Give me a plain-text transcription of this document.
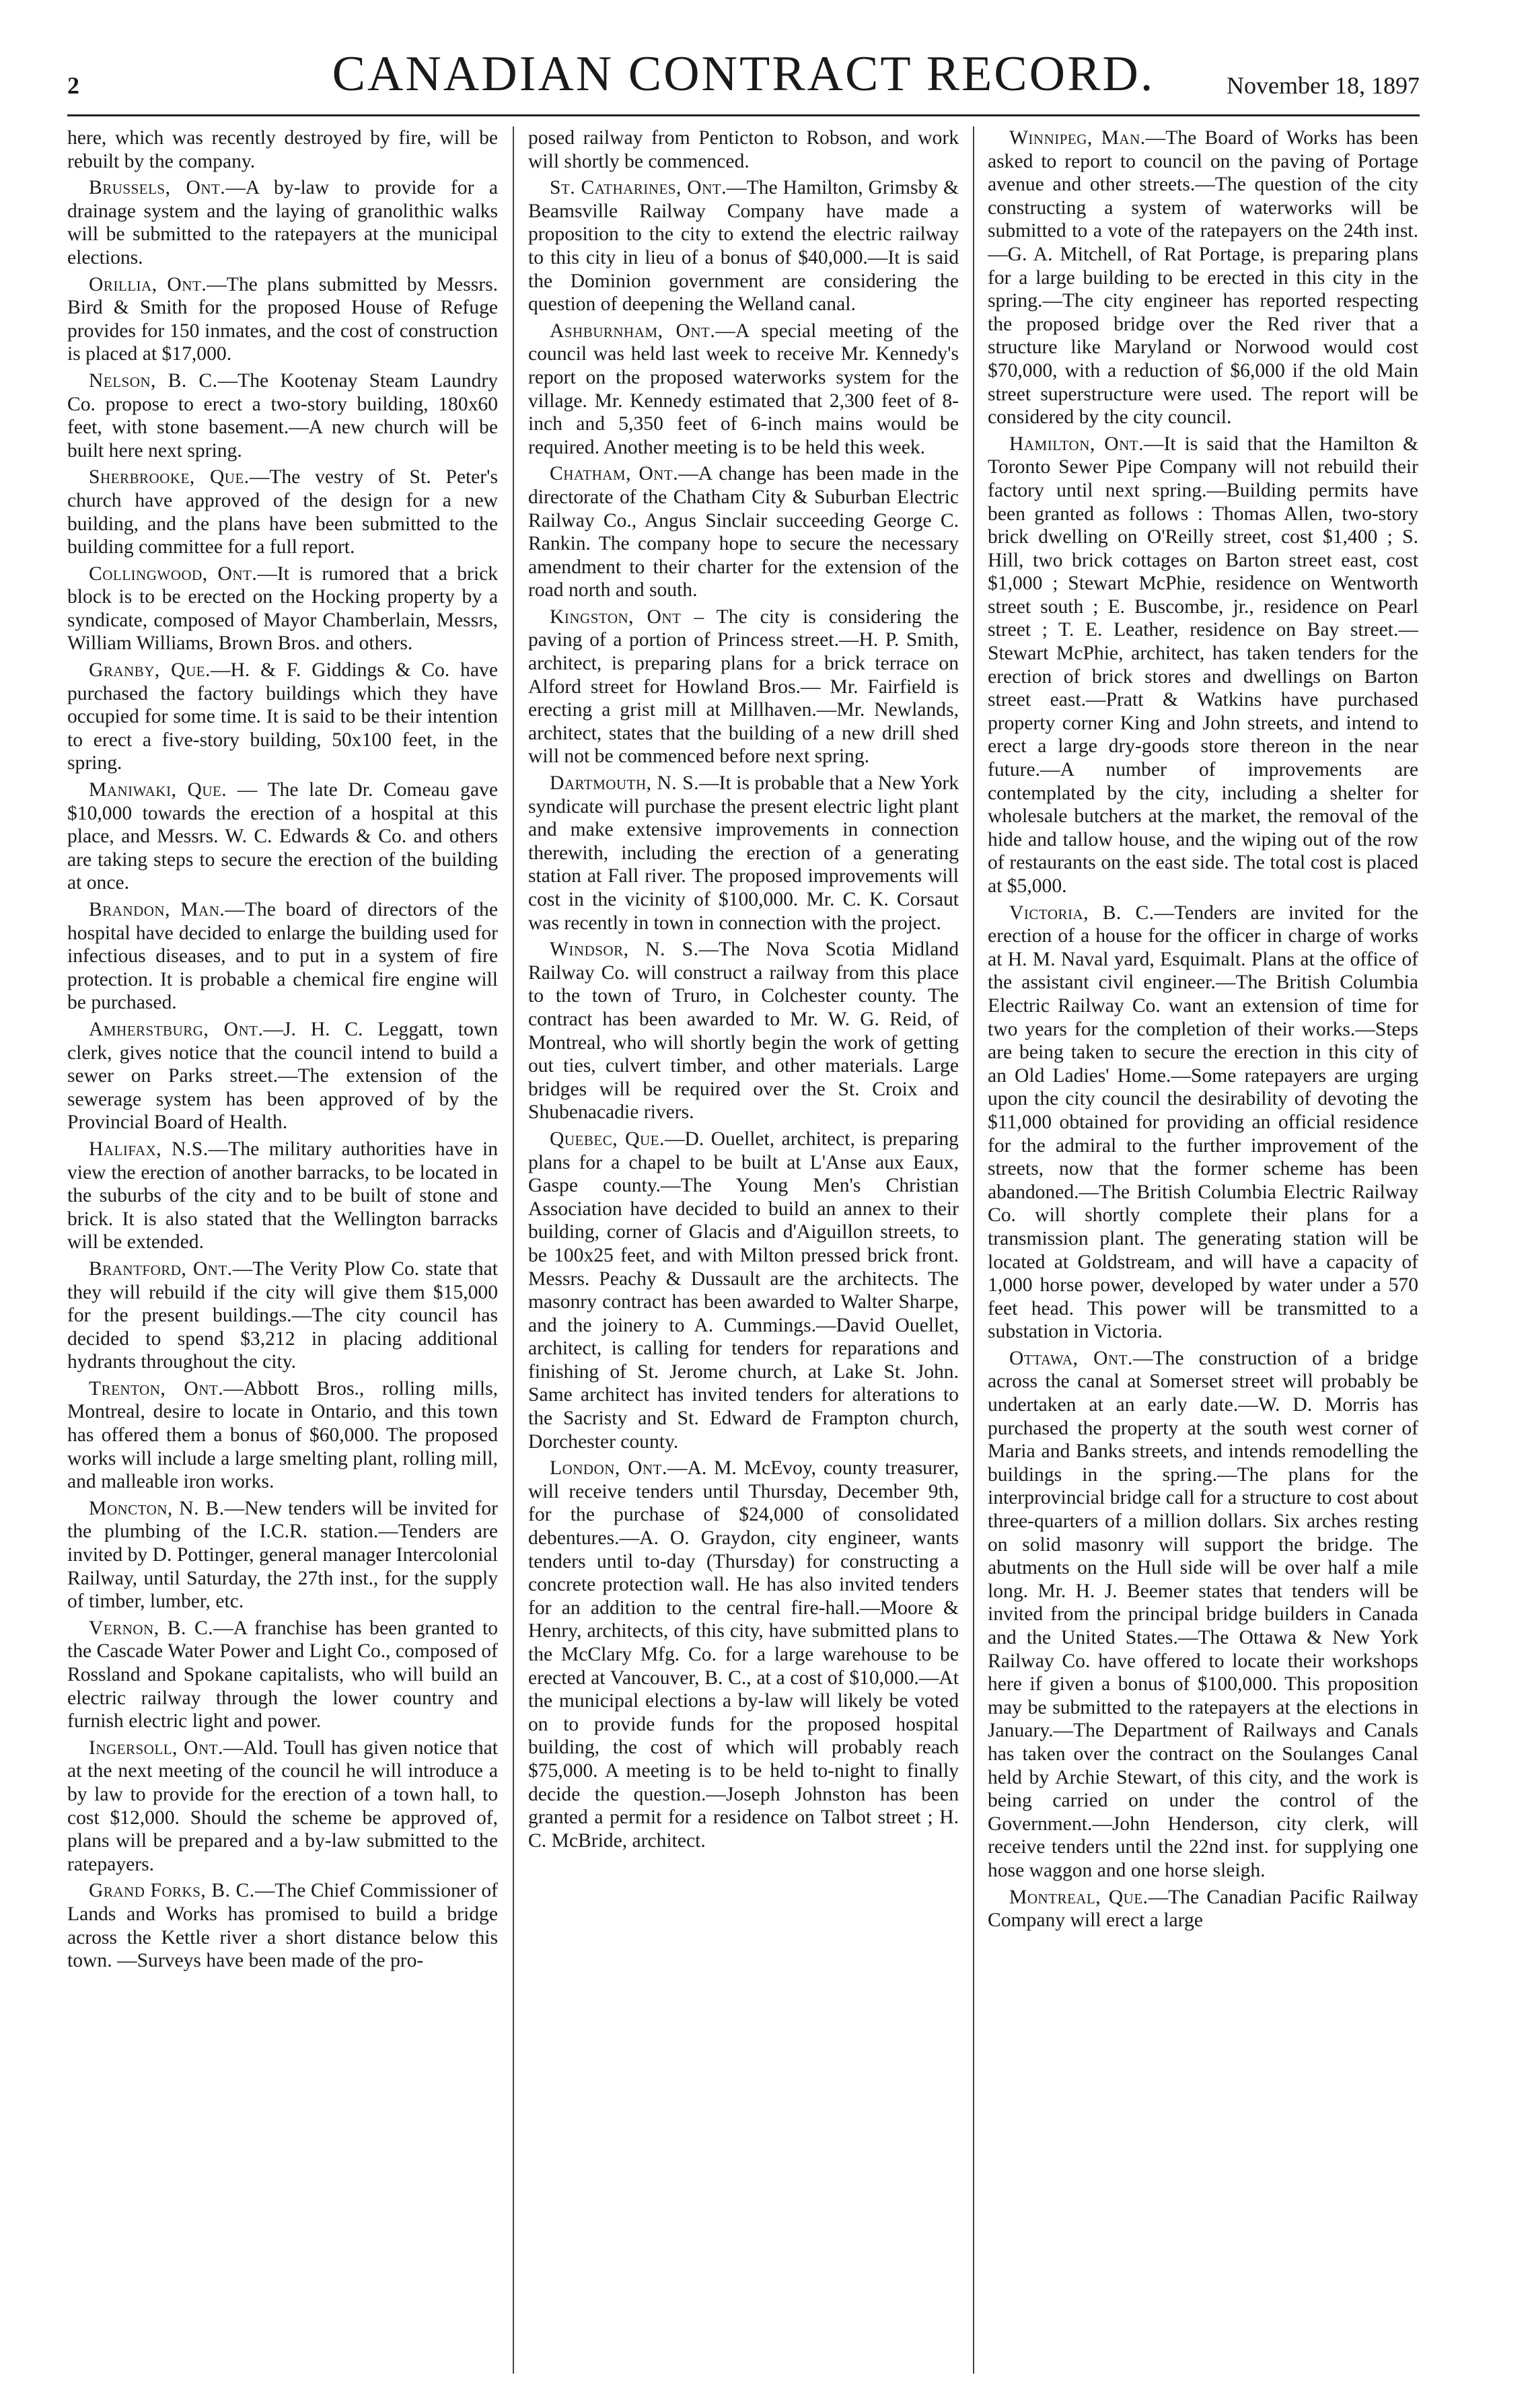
2	CANADIAN CONTRACT RECORD.	November 18, 1897

here, which was recently destroyed by fire, will be rebuilt by the company.

Brussels, Ont.—A by-law to provide for a drainage system and the laying of granolithic walks will be submitted to the ratepayers at the municipal elections.

Orillia, Ont.—The plans submitted by Messrs. Bird & Smith for the proposed House of Refuge provides for 150 inmates, and the cost of construction is placed at $17,000.

Nelson, B. C.—The Kootenay Steam Laundry Co. propose to erect a two-story building, 180x60 feet, with stone basement.—A new church will be built here next spring.

Sherbrooke, Que.—The vestry of St. Peter's church have approved of the design for a new building, and the plans have been submitted to the building committee for a full report.

Collingwood, Ont.—It is rumored that a brick block is to be erected on the Hocking property by a syndicate, composed of Mayor Chamberlain, Messrs, William Williams, Brown Bros. and others.

Granby, Que.—H. & F. Giddings & Co. have purchased the factory buildings which they have occupied for some time. It is said to be their intention to erect a five-story building, 50x100 feet, in the spring.

Maniwaki, Que. — The late Dr. Comeau gave $10,000 towards the erection of a hospital at this place, and Messrs. W. C. Edwards & Co. and others are taking steps to secure the erection of the building at once.

Brandon, Man.—The board of directors of the hospital have decided to enlarge the building used for infectious diseases, and to put in a system of fire protection. It is probable a chemical fire engine will be purchased.

Amherstburg, Ont.—J. H. C. Leggatt, town clerk, gives notice that the council intend to build a sewer on Parks street.—The extension of the sewerage system has been approved of by the Provincial Board of Health.

Halifax, N.S.—The military authorities have in view the erection of another barracks, to be located in the suburbs of the city and to be built of stone and brick. It is also stated that the Wellington barracks will be extended.

Brantford, Ont.—The Verity Plow Co. state that they will rebuild if the city will give them $15,000 for the present buildings.—The city council has decided to spend $3,212 in placing additional hydrants throughout the city.

Trenton, Ont.—Abbott Bros., rolling mills, Montreal, desire to locate in Ontario, and this town has offered them a bonus of $60,000. The proposed works will include a large smelting plant, rolling mill, and malleable iron works.

Moncton, N. B.—New tenders will be invited for the plumbing of the I.C.R. station.—Tenders are invited by D. Pottinger, general manager Intercolonial Railway, until Saturday, the 27th inst., for the supply of timber, lumber, etc.

Vernon, B. C.—A franchise has been granted to the Cascade Water Power and Light Co., composed of Rossland and Spokane capitalists, who will build an electric railway through the lower country and furnish electric light and power.

Ingersoll, Ont.—Ald. Toull has given notice that at the next meeting of the council he will introduce a by law to provide for the erection of a town hall, to cost $12,000. Should the scheme be approved of, plans will be prepared and a by-law submitted to the ratepayers.

Grand Forks, B. C.—The Chief Commissioner of Lands and Works has promised to build a bridge across the Kettle river a short distance below this town. —Surveys have been made of the pro-

posed railway from Penticton to Robson, and work will shortly be commenced.

St. Catharines, Ont.—The Hamilton, Grimsby & Beamsville Railway Company have made a proposition to the city to extend the electric railway to this city in lieu of a bonus of $40,000.—It is said the Dominion government are considering the question of deepening the Welland canal.

Ashburnham, Ont.—A special meeting of the council was held last week to receive Mr. Kennedy's report on the proposed waterworks system for the village. Mr. Kennedy estimated that 2,300 feet of 8-inch and 5,350 feet of 6-inch mains would be required. Another meeting is to be held this week.

Chatham, Ont.—A change has been made in the directorate of the Chatham City & Suburban Electric Railway Co., Angus Sinclair succeeding George C. Rankin. The company hope to secure the necessary amendment to their charter for the extension of the road north and south.

Kingston, Ont – The city is considering the paving of a portion of Princess street.—H. P. Smith, architect, is preparing plans for a brick terrace on Alford street for Howland Bros.— Mr. Fairfield is erecting a grist mill at Millhaven.—Mr. Newlands, architect, states that the building of a new drill shed will not be commenced before next spring.

Dartmouth, N. S.—It is probable that a New York syndicate will purchase the present electric light plant and make extensive improvements in connection therewith, including the erection of a generating station at Fall river. The proposed improvements will cost in the vicinity of $100,000. Mr. C. K. Corsaut was recently in town in connection with the project.

Windsor, N. S.—The Nova Scotia Midland Railway Co. will construct a railway from this place to the town of Truro, in Colchester county. The contract has been awarded to Mr. W. G. Reid, of Montreal, who will shortly begin the work of getting out ties, culvert timber, and other materials. Large bridges will be required over the St. Croix and Shubenacadie rivers.

Quebec, Que.—D. Ouellet, architect, is preparing plans for a chapel to be built at L'Anse aux Eaux, Gaspe county.—The Young Men's Christian Association have decided to build an annex to their building, corner of Glacis and d'Aiguillon streets, to be 100x25 feet, and with Milton pressed brick front. Messrs. Peachy & Dussault are the architects. The masonry contract has been awarded to Walter Sharpe, and the joinery to A. Cummings.—David Ouellet, architect, is calling for tenders for reparations and finishing of St. Jerome church, at Lake St. John. Same architect has invited tenders for alterations to the Sacristy and St. Edward de Frampton church, Dorchester county.

London, Ont.—A. M. McEvoy, county treasurer, will receive tenders until Thursday, December 9th, for the purchase of $24,000 of consolidated debentures.—A. O. Graydon, city engineer, wants tenders until to-day (Thursday) for constructing a concrete protection wall. He has also invited tenders for an addition to the central fire-hall.—Moore & Henry, architects, of this city, have submitted plans to the McClary Mfg. Co. for a large warehouse to be erected at Vancouver, B. C., at a cost of $10,000.—At the municipal elections a by-law will likely be voted on to provide funds for the proposed hospital building, the cost of which will probably reach $75,000. A meeting is to be held to-night to finally decide the question.—Joseph Johnston has been granted a permit for a residence on Talbot street ; H. C. McBride, architect.

Winnipeg, Man.—The Board of Works has been asked to report to council on the paving of Portage avenue and other streets.—The question of the city constructing a system of waterworks will be submitted to a vote of the ratepayers on the 24th inst.—G. A. Mitchell, of Rat Portage, is preparing plans for a large building to be erected in this city in the spring.—The city engineer has reported respecting the proposed bridge over the Red river that a structure like Maryland or Norwood would cost $70,000, with a reduction of $6,000 if the old Main street superstructure were used. The report will be considered by the city council.

Hamilton, Ont.—It is said that the Hamilton & Toronto Sewer Pipe Company will not rebuild their factory until next spring.—Building permits have been granted as follows : Thomas Allen, two-story brick dwelling on O'Reilly street, cost $1,400 ; S. Hill, two brick cottages on Barton street east, cost $1,000 ; Stewart McPhie, residence on Wentworth street south ; E. Buscombe, jr., residence on Pearl street ; T. E. Leather, residence on Bay street.—Stewart McPhie, architect, has taken tenders for the erection of brick stores and dwellings on Barton street east.—Pratt & Watkins have purchased property corner King and John streets, and intend to erect a large dry-goods store thereon in the near future.—A number of improvements are contemplated by the city, including a shelter for wholesale butchers at the market, the removal of the hide and tallow house, and the wiping out of the row of restaurants on the east side. The total cost is placed at $5,000.

Victoria, B. C.—Tenders are invited for the erection of a house for the officer in charge of works at H. M. Naval yard, Esquimalt. Plans at the office of the assistant civil engineer.—The British Columbia Electric Railway Co. want an extension of time for two years for the completion of their works.—Steps are being taken to secure the erection in this city of an Old Ladies' Home.—Some ratepayers are urging upon the city council the desirability of devoting the $11,000 obtained for providing an official residence for the admiral to the further improvement of the streets, now that the former scheme has been abandoned.—The British Columbia Electric Railway Co. will shortly complete their plans for a transmission plant. The generating station will be located at Goldstream, and will have a capacity of 1,000 horse power, developed by water under a 570 feet head. This power will be transmitted to a substation in Victoria.

Ottawa, Ont.—The construction of a bridge across the canal at Somerset street will probably be undertaken at an early date.—W. D. Morris has purchased the property at the south west corner of Maria and Banks streets, and intends remodelling the buildings in the spring.—The plans for the interprovincial bridge call for a structure to cost about three-quarters of a million dollars. Six arches resting on solid masonry will support the bridge. The abutments on the Hull side will be over half a mile long. Mr. H. J. Beemer states that tenders will be invited from the principal bridge builders in Canada and the United States.—The Ottawa & New York Railway Co. have offered to locate their workshops here if given a bonus of $100,000. This proposition may be submitted to the ratepayers at the elections in January.—The Department of Railways and Canals has taken over the contract on the Soulanges Canal held by Archie Stewart, of this city, and the work is being carried on under the control of the Government.—John Henderson, city clerk, will receive tenders until the 22nd inst. for supplying one hose waggon and one horse sleigh.

Montreal, Que.—The Canadian Pacific Railway Company will erect a large
